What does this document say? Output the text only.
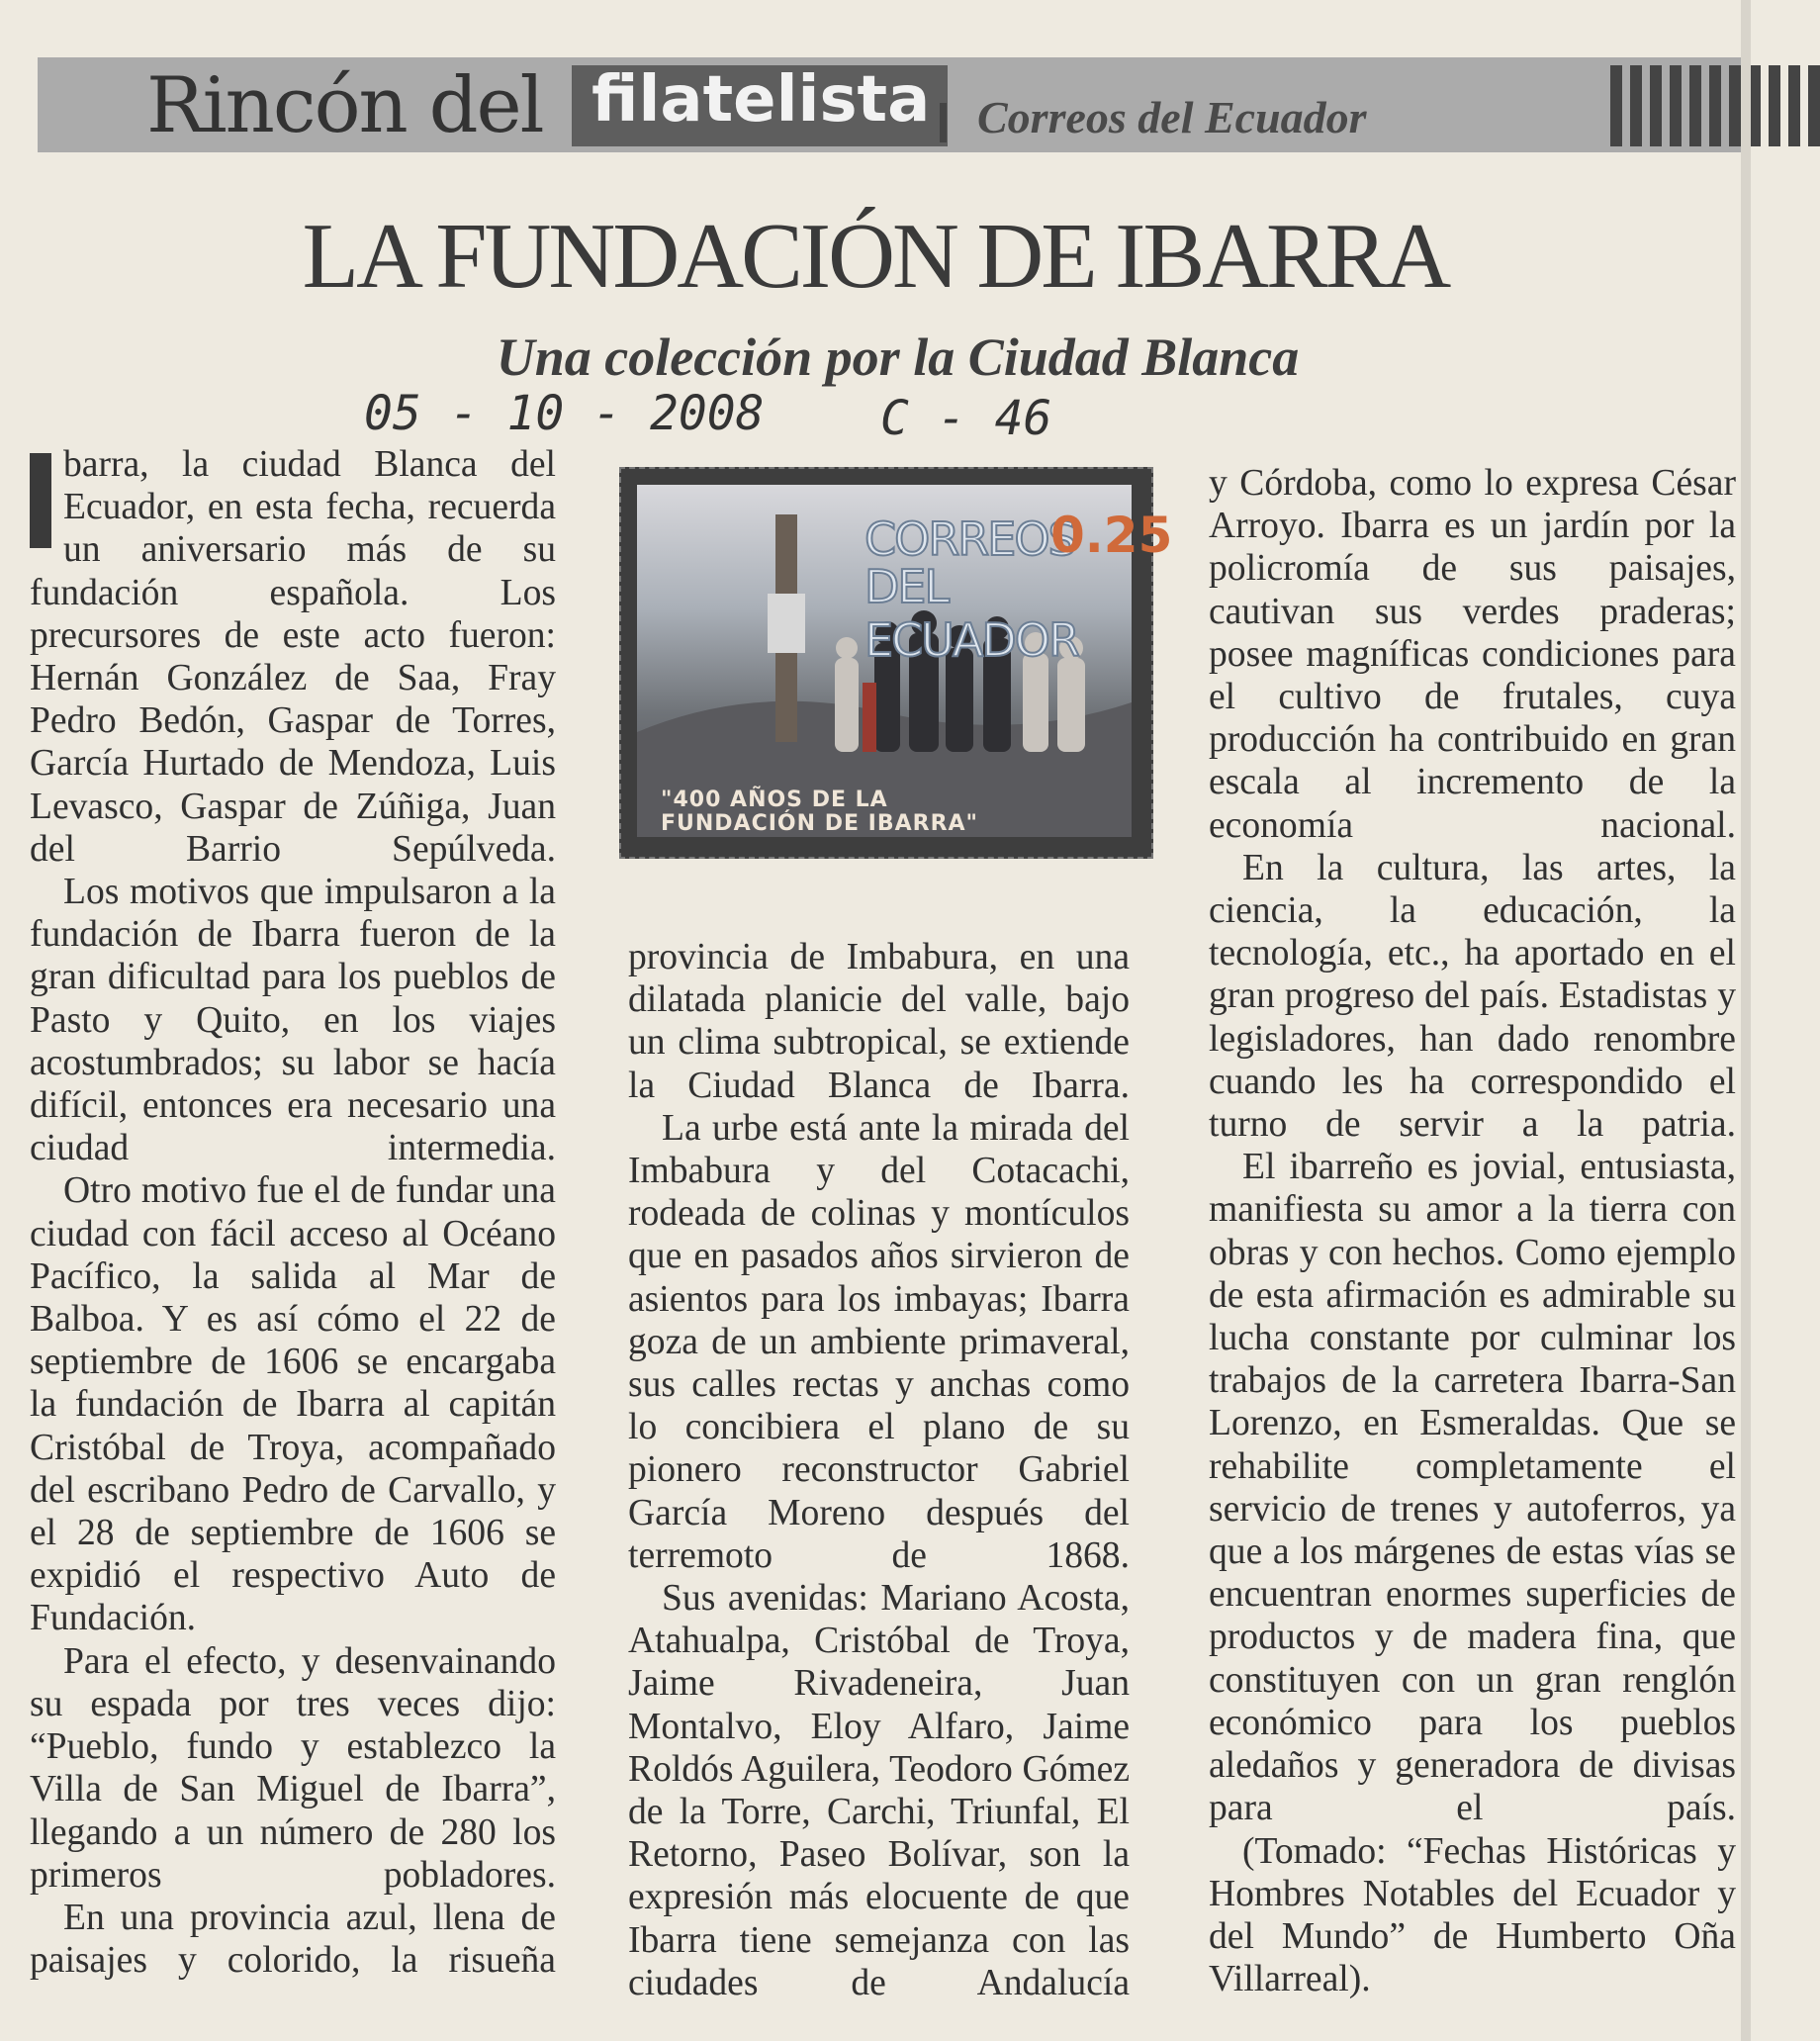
Rincón del filatelista Correos del Ecuador
LA FUNDACIÓN DE IBARRA
Una colección por la Ciudad Blanca
05 - 10 - 2008 C - 46

barra, la ciudad Blanca del Ecuador, en esta fecha, recuerda un aniversario más de su fundación española. Los precursores de este acto fueron: Hernán González de Saa, Fray Pedro Bedón, Gaspar de Torres, García Hurtado de Mendoza, Luis Levasco, Gaspar de Zúñiga, Juan del Barrio Sepúlveda.

Los motivos que impulsaron a la fundación de Ibarra fueron de la gran dificultad para los pueblos de Pasto y Quito, en los viajes acostumbrados; su labor se hacía difícil, entonces era necesario una ciudad intermedia.

Otro motivo fue el de fundar una ciudad con fácil acceso al Océano Pacífico, la salida al Mar de Balboa. Y es así cómo el 22 de septiembre de 1606 se encargaba la fundación de Ibarra al capitán Cristóbal de Troya, acompañado del escribano Pedro de Carvallo, y el 28 de septiembre de 1606 se expidió el respectivo Auto de Fundación.

Para el efecto, y desenvainando su espada por tres veces dijo: “Pueblo, fundo y establezco la Villa de San Miguel de Ibarra”, llegando a un número de 280 los primeros pobladores.

En una provincia azul, llena de paisajes y colorido, la risueña

CORREOS
DEL ECUADOR
0.25
"400 AÑOS DE LA
FUNDACIÓN DE IBARRA"

provincia de Imbabura, en una dilatada planicie del valle, bajo un clima subtropical, se extiende la Ciudad Blanca de Ibarra.

La urbe está ante la mirada del Imbabura y del Cotacachi, rodeada de colinas y montículos que en pasados años sirvieron de asientos para los imbayas; Ibarra goza de un ambiente primaveral, sus calles rectas y anchas como lo concibiera el plano de su pionero reconstructor Gabriel García Moreno después del terremoto de 1868.

Sus avenidas: Mariano Acosta, Atahualpa, Cristóbal de Troya, Jaime Rivadeneira, Juan Montalvo, Eloy Alfaro, Jaime Roldós Aguilera, Teodoro Gómez de la Torre, Carchi, Triunfal, El Retorno, Paseo Bolívar, son la expresión más elocuente de que Ibarra tiene semejanza con las ciudades de Andalucía

y Córdoba, como lo expresa César Arroyo. Ibarra es un jardín por la policromía de sus paisajes, cautivan sus verdes praderas; posee magníficas condiciones para el cultivo de frutales, cuya producción ha contribuido en gran escala al incremento de la economía nacional.

En la cultura, las artes, la ciencia, la educación, la tecnología, etc., ha aportado en el gran progreso del país. Estadistas y legisladores, han dado renombre cuando les ha correspondido el turno de servir a la patria.

El ibarreño es jovial, entusiasta, manifiesta su amor a la tierra con obras y con hechos. Como ejemplo de esta afirmación es admirable su lucha constante por culminar los trabajos de la carretera Ibarra-San Lorenzo, en Esmeraldas. Que se rehabilite completamente el servicio de trenes y autoferros, ya que a los márgenes de estas vías se encuentran enormes superficies de productos y de madera fina, que constituyen con un gran renglón económico para los pueblos aledaños y generadora de divisas para el país.

(Tomado: “Fechas Históricas y Hombres Notables del Ecuador y del Mundo” de Humberto Oña Villarreal).
